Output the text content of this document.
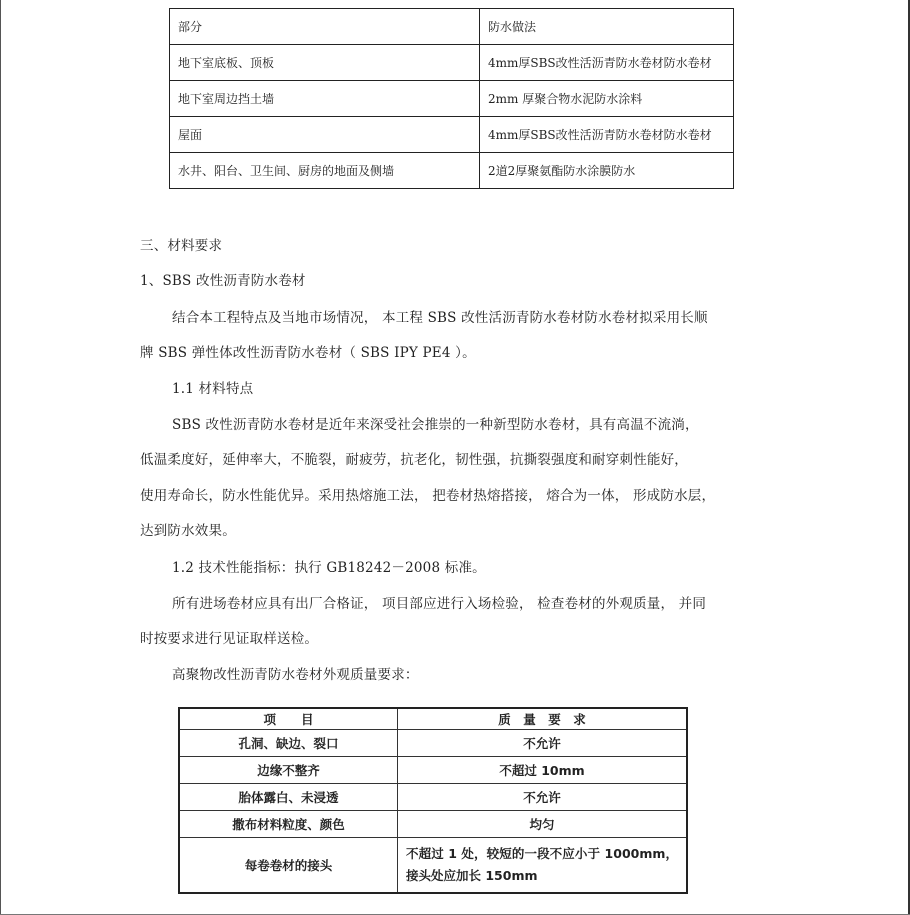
部分	防水做法
地下室底板、顶板	4mm厚SBS改性活沥青防水卷材防水卷材
地下室周边挡土墙	2mm 厚聚合物水泥防水涂料
屋面	4mm厚SBS改性活沥青防水卷材防水卷材
水井、阳台、卫生间、厨房的地面及侧墙	2道2厚聚氨酯防水涂膜防水
三、材料要求
1、SBS 改性沥青防水卷材
结合本工程特点及当地市场情况， 本工程 SBS 改性活沥青防水卷材防水卷材拟采用长顺
牌 SBS 弹性体改性沥青防水卷材（ SBS IPY PE4 ）。
1.1 材料特点
SBS 改性沥青防水卷材是近年来深受社会推崇的一种新型防水卷材，具有高温不流淌，
低温柔度好，延伸率大，不脆裂，耐疲劳，抗老化，韧性强，抗撕裂强度和耐穿刺性能好，
使用寿命长，防水性能优异。采用热熔施工法， 把卷材热熔搭接， 熔合为一体， 形成防水层，
达到防水效果。
1.2 技术性能指标：执行 GB18242－2008 标准。
所有进场卷材应具有出厂合格证， 项目部应进行入场检验， 检查卷材的外观质量， 并同
时按要求进行见证取样送检。
高聚物改性沥青防水卷材外观质量要求：
项　　目	质　量　要　求
孔洞、缺边、裂口	不允许
边缘不整齐	不超过 10mm
胎体露白、未浸透	不允许
撒布材料粒度、颜色	均匀
每卷卷材的接头	不超过 1 处，较短的一段不应小于 1000mm，接头处应加长 150mm
